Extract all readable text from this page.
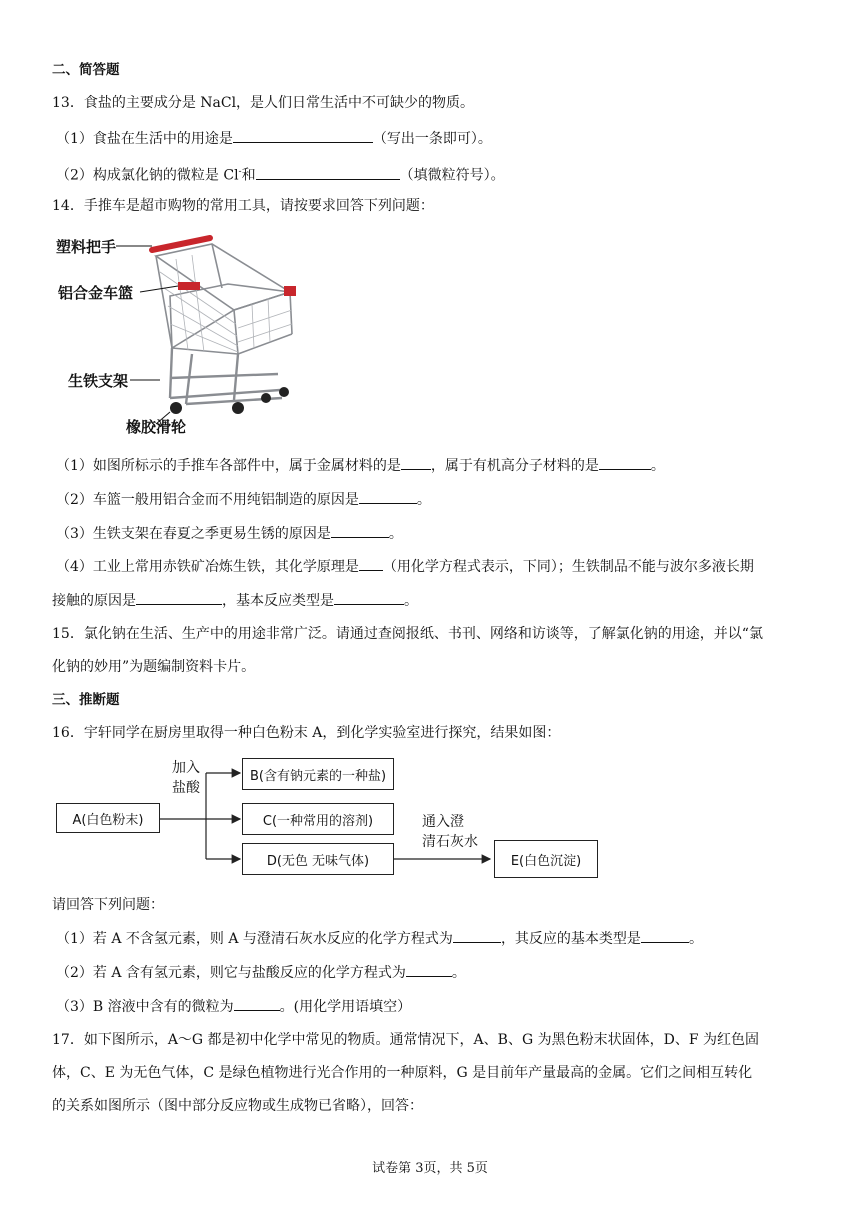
二、简答题
13．食盐的主要成分是 NaCl，是人们日常生活中不可缺少的物质。
（1）食盐在生活中的用途是	（写出一条即可）。
（2）构成氯化钠的微粒是 Cl-和	（填微粒符号）。
14．手推车是超市购物的常用工具，请按要求回答下列问题：
塑料把手
铝合金车篮
生铁支架
橡胶滑轮
（1）如图所标示的手推车各部件中，属于金属材料的是 ，属于有机高分子材料的是	。
（2）车篮一般用铝合金而不用纯铝制造的原因是	。
（3）生铁支架在春夏之季更易生锈的原因是	。
（4）工业上常用赤铁矿冶炼生铁，其化学原理是 （用化学方程式表示，下同）；生铁制品不能与波尔多液长期
接触的原因是	，基本反应类型是	。
15．氯化钠在生活、生产中的用途非常广泛。请通过查阅报纸、书刊、网络和访谈等，了解氯化钠的用途，并以“氯
化钠的妙用”为题编制资料卡片。
三、推断题
16．宇轩同学在厨房里取得一种白色粉末 A，到化学实验室进行探究，结果如图：
A(白色粉末)
加入
盐酸
B(含有钠元素的一种盐)
C(一种常用的溶剂)
D(无色 无味气体)
通入澄
清石灰水
E(白色沉淀)
请回答下列问题：
（1）若 A 不含氢元素，则 A 与澄清石灰水反应的化学方程式为	，其反应的基本类型是	。
（2）若 A 含有氢元素，则它与盐酸反应的化学方程式为	。
（3）B 溶液中含有的微粒为	。(用化学用语填空）
17．如下图所示，A～G 都是初中化学中常见的物质。通常情况下，A、B、G 为黑色粉末状固体，D、F 为红色固
体，C、E 为无色气体，C 是绿色植物进行光合作用的一种原料，G 是目前年产量最高的金属。它们之间相互转化
的关系如图所示（图中部分反应物或生成物已省略），回答：
试卷第 3页，共 5页
